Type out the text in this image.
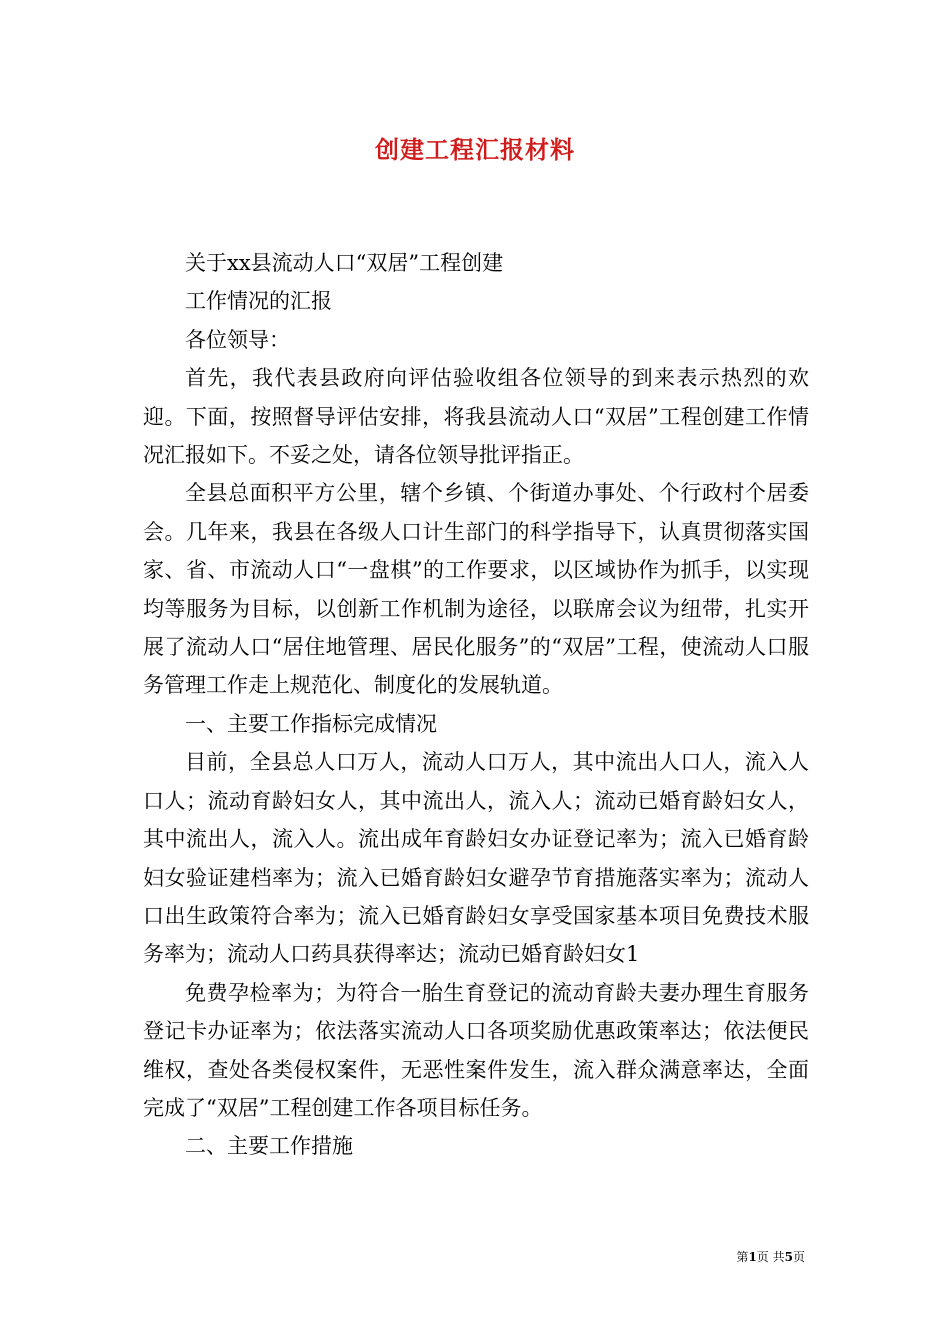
创建工程汇报材料

关于xx县流动人口“双居”工程创建

工作情况的汇报

各位领导：

首先，我代表县政府向评估验收组各位领导的到来表示热烈的欢迎。下面，按照督导评估安排，将我县流动人口“双居”工程创建工作情况汇报如下。不妥之处，请各位领导批评指正。

全县总面积平方公里，辖个乡镇、个街道办事处、个行政村个居委会。几年来，我县在各级人口计生部门的科学指导下，认真贯彻落实国家、省、市流动人口“一盘棋”的工作要求，以区域协作为抓手，以实现均等服务为目标，以创新工作机制为途径，以联席会议为纽带，扎实开展了流动人口“居住地管理、居民化服务”的“双居”工程，使流动人口服务管理工作走上规范化、制度化的发展轨道。

一、主要工作指标完成情况

目前，全县总人口万人，流动人口万人，其中流出人口人，流入人口人；流动育龄妇女人，其中流出人，流入人；流动已婚育龄妇女人，其中流出人，流入人。流出成年育龄妇女办证登记率为；流入已婚育龄妇女验证建档率为；流入已婚育龄妇女避孕节育措施落实率为；流动人口出生政策符合率为；流入已婚育龄妇女享受国家基本项目免费技术服务率为；流动人口药具获得率达；流动已婚育龄妇女1

免费孕检率为；为符合一胎生育登记的流动育龄夫妻办理生育服务登记卡办证率为；依法落实流动人口各项奖励优惠政策率达；依法便民维权，查处各类侵权案件，无恶性案件发生，流入群众满意率达，全面完成了“双居”工程创建工作各项目标任务。

二、主要工作措施

第1页 共5页
